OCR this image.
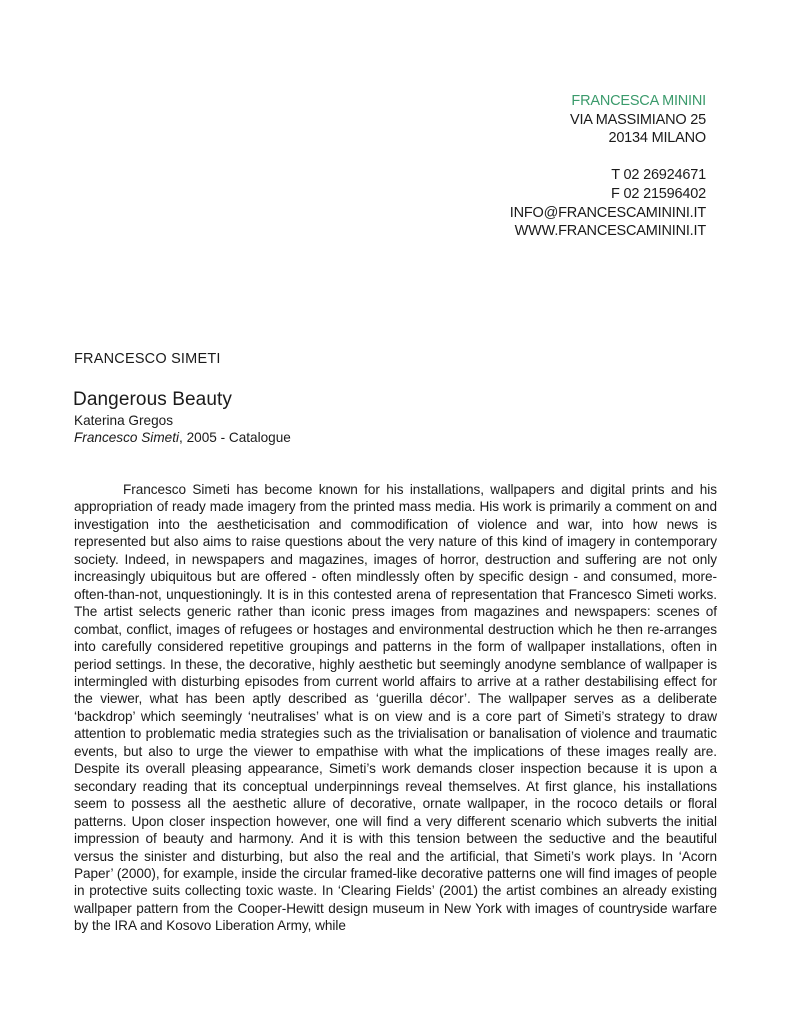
FRANCESCA MININI
VIA MASSIMIANO 25
20134 MILANO
T 02 26924671
F 02 21596402
INFO@FRANCESCAMININI.IT
WWW.FRANCESCAMININI.IT
FRANCESCO SIMETI
Dangerous Beauty
Katerina Gregos
Francesco Simeti, 2005 - Catalogue

Francesco Simeti has become known for his installations, wallpapers and digital prints and his appropriation of ready made imagery from the printed mass media. His work is primarily a comment on and investigation into the aestheticisation and commodification of violence and war, into how news is represented but also aims to raise questions about the very nature of this kind of imagery in contemporary society. Indeed, in newspapers and magazines, images of horror, destruction and suffering are not only increasingly ubiquitous but are offered - often mindlessly often by specific design - and consumed, more-often-than-not, unquestioningly. It is in this contested arena of representation that Francesco Simeti works. The artist selects generic rather than iconic press images from magazines and newspapers: scenes of combat, conflict, images of refugees or hostages and environmental destruction which he then re-arranges into carefully considered repetitive groupings and patterns in the form of wallpaper installations, often in period settings. In these, the decorative, highly aesthetic but seemingly anodyne semblance of wallpaper is intermingled with disturbing episodes from current world affairs to arrive at a rather destabilising effect for the viewer, what has been aptly described as ‘guerilla décor’. The wallpaper serves as a deliberate ‘backdrop’ which seemingly ‘neutralises’ what is on view and is a core part of Simeti’s strategy to draw attention to problematic media strategies such as the trivialisation or banalisation of violence and traumatic events, but also to urge the viewer to empathise with what the implications of these images really are. Despite its overall pleasing appearance, Simeti’s work demands closer inspection because it is upon a secondary reading that its conceptual underpinnings reveal themselves. At first glance, his installations seem to possess all the aesthetic allure of decorative, ornate wallpaper, in the rococo details or floral patterns. Upon closer inspection however, one will find a very different scenario which subverts the initial impression of beauty and harmony. And it is with this tension between the seductive and the beautiful versus the sinister and disturbing, but also the real and the artificial, that Simeti’s work plays. In ‘Acorn Paper’ (2000), for example, inside the circular framed-like decorative patterns one will find images of people in protective suits collecting toxic waste. In ‘Clearing Fields’ (2001) the artist combines an already existing wallpaper pattern from the Cooper-Hewitt design museum in New York with images of countryside warfare by the IRA and Kosovo Liberation Army, while
